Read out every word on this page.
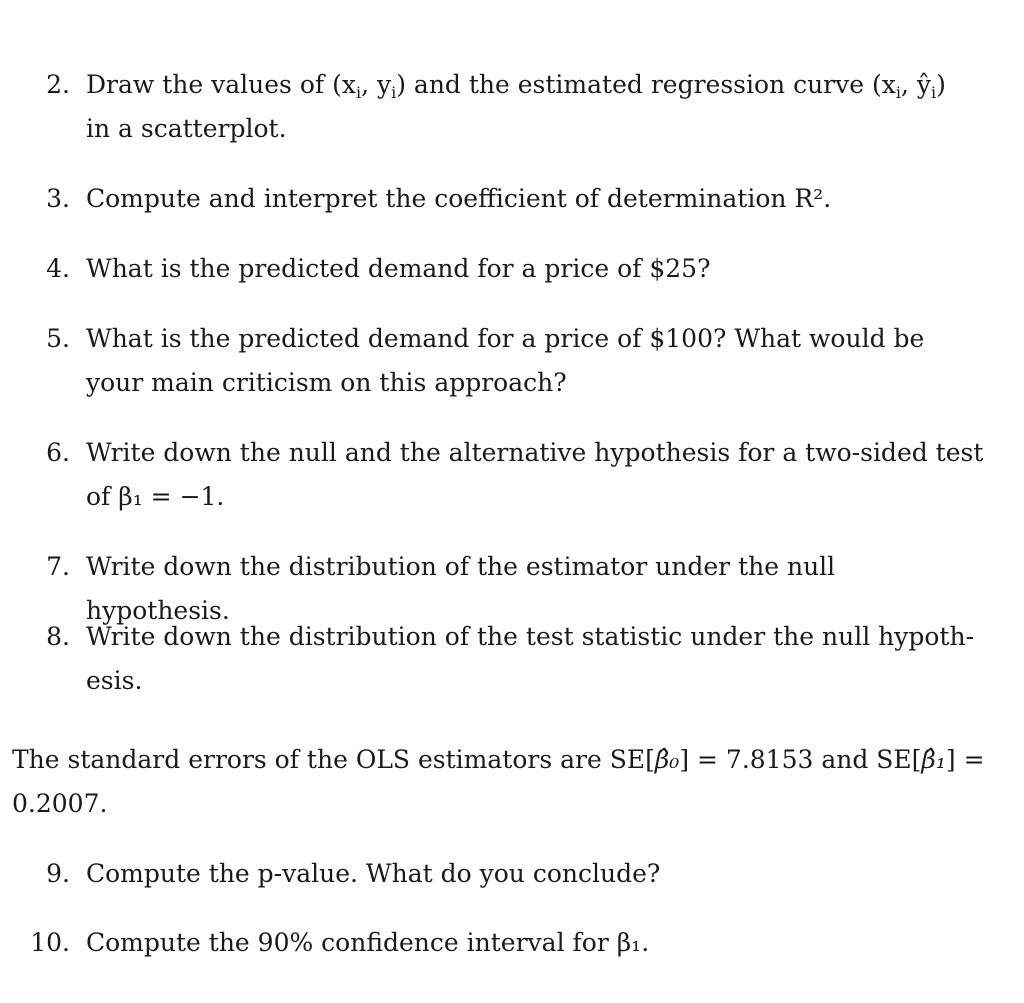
2. Draw the values of ($x_i$, $y_i$) and the estimated regression curve ($x_i$, $ŷ_i$)
in a scatterplot.
3. Compute and interpret the coefficient of determination R².
4. What is the predicted demand for a price of $25?
5. What is the predicted demand for a price of $100? What would be
your main criticism on this approach?
6. Write down the null and the alternative hypothesis for a two-sided test
of β₁ = −1.
7. Write down the distribution of the estimator under the null hypothesis.
8. Write down the distribution of the test statistic under the null hypoth-
esis.
The standard errors of the OLS estimators are SE[β̂₀] = 7.8153 and SE[β̂₁] =
0.2007.
9. Compute the p-value. What do you conclude?
10. Compute the 90% confidence interval for β₁.
